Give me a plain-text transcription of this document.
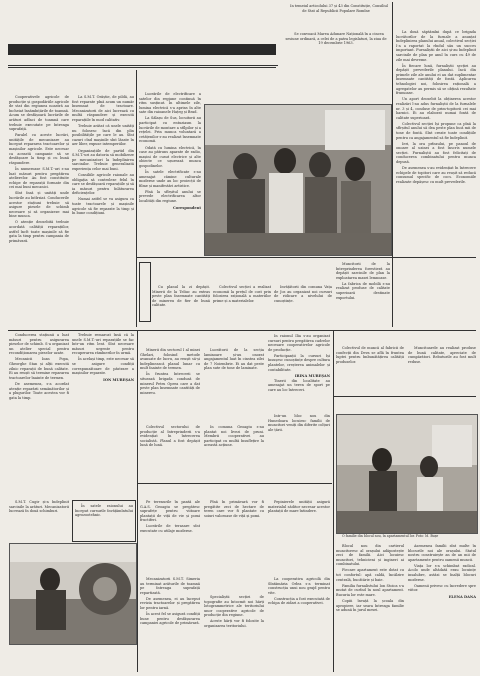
În temeiul articolului 37 și 43 din Constituție, Consiliul de Stat al Republicii Populare Romîne

Se convoacă Marea Adunare Națională în a cincea sesiune ordinară, a celei de a patra legislaturi, la ziua de 19 decembrie 1963.

La două săptămîni după ce brigada lucrătorilor de la furnale a anunțat îndeplinirea planului anual, colectivul secției I-a a raportat la rîndul său un succes important. Furnaliștii de aici și-au îndeplinit sarcinile de plan pe anul în curs cu 49 de zile mai devreme.

În fiecare lună, furnaliștii secției au depășit prevederile planului. Încă din primele zile ale anului ei au dat suplimentar însemnate cantități de fontă. Aplicarea tehnologiei noi, folosirea rațională a agregatelor au permis să se obțină rezultate frumoase.

Un aport deosebit la obținerea acestor realizări l-au adus furnaliștii de la furnalele nr. 3 și 4, conduse de prim-topitorii cei mai harnici. Ei au elaborat numai fontă de calitate superioară.

Colectivul secției își propune ca pînă la sfîrșitul anului să dea peste plan încă mii de tone de fontă. Sînt create toate condițiile pentru ca angajamentul să fie îndeplinit.

Ieri, la ora prînzului, pe panoul de onoare al uzinei a fost înscris numele secției. Furnaliștii au fost felicitați de conducerea combinatului pentru munca depusă.

De asemenea s-au evidențiat în întrecere echipele de topitori care au reușit să reducă consumul specific de cocs. Economiile realizate depășesc cu mult prevederile.

Cooperativele agricole de producție și gospodăriile agricole de stat din regiunea noastră au încheiat însămînțările de toamnă. Acum se desfășoară lucrările de arături adînci de toamnă care trebuie executate pe întreaga suprafață.

Paralel cu aceste lucrări, unitățile de mecanizare au început repararea tractoarelor și mașinilor agricole. Este necesar ca această campanie să se desfășoare la timp și cu bună răspundere.

În numeroase S.M.T.-uri s-au luat măsuri pentru pregătirea atelierelor. Au fost constituite echipe de reparații formate din cei mai buni mecanici.

Sînt însă și unități unde lucrările au întîrziat. Conducerile acestor stațiuni trebuie să asigure piesele de schimb necesare și să organizeze mai bine munca.

O atenție deosebită trebuie acordată calității reparațiilor, astfel încît toate mașinile să fie gata la timp pentru campania de primăvară.

La S.M.T. Orăștie, de pildă, au fost reparate pînă acum un număr însemnat de tractoare. Mecanizatorii de aici lucrează cu multă răspundere și execută reparațiile în mod calitativ.

Trebuie arătat că unele unități nu folosesc încă din plin posibilitățile pe care le au. Sînt cazuri cînd mașinile sînt lăsate în aer liber, expuse intemperiilor.

Organizațiile de partid din S.M.T.-uri au datoria să mobilizeze pe mecanizatori la îndeplinirea sarcinilor. Trebuie generalizată experiența celor mai buni.

Consiliile agricole raionale au obligația să controleze felul în care se desfășoară reparațiile și să ia măsuri pentru înlăturarea deficiențelor.

Numai astfel se va asigura ca toate tractoarele și mașinile agricole să fie reparate la timp și în bune condițiuni.

Lucrările de electrificare a satelor din regiune continuă în ritm susținut. În ultimele zile, lumina electrică s-a aprins în alte sate din raioanele Hațeg și Brad.

La Sălașu de Sus, locuitorii au participat cu entuziasm la lucrările de montare a stîlpilor și a rețelei. Prin munca voluntară a cetățenilor s-au realizat însemnate economii.

Odată cu lumina electrică, în case au pătruns aparate de radio, mașini de cusut electrice și alte obiecte ce ușurează munca gospodinelor.

În satele electrificate s-au amenajat cămine culturale moderne unde au loc proiecții de filme și manifestări artistice.

Pînă la sfîrșitul anului se prevede electrificarea altor localități din regiune.

Corespondent

Cu planul la zi depășit. Minerii de la Teliuc au extras peste plan însemnate cantități de minereu de fier de bună calitate.

Colectivul secției a realizat economii la prețul de cost prin folosirea rațională a materiilor prime și a materialelor.

Învățătorii din comuna Vața de Jos au organizat noi cursuri de ridicare a nivelului de cunoștințe.

Muncitorii de la întreprinderea forestieră au depășit sarcinile de plan la exploatarea masei lemnoase.

La fabrica de mobilă s-au realizat produse de calitate superioară destinate exportului.

Conducerea stațiunii a luat măsuri pentru asigurarea pieselor de schimb. S-a organizat un atelier special pentru recondiționarea pieselor uzate.

Mecanicii Ioan Popa, Gheorghe Stan și alții execută zilnic reparații de bună calitate. Ei au reușit să termine repararea tractoarelor înainte de termen.

De asemenea, s-a acordat atenție reparării semănătorilor și a plugurilor. Toate acestea vor fi gata la timp.

Trebuie remarcat însă că la unele S.M.T.-uri reparațiile se fac într-un ritm lent. Sînt necesare măsuri urgente pentru recuperarea rămînerilor în urmă.

În același timp, este necesar să se asigure condiții corespunzătoare de păstrare a mașinilor reparate.

ION MUREȘAN

În satele raionului au început cursurile învățămîntului agrozootehnic.

S.M.T. Cugir și-a îndeplinit sarcinile la arături. Mecanizatorii lucrează în două schimburi.

Minerii din sectorul I al minei Ghelari, folosind metode avansate de lucru, au reușit să-și îndeplinească planul lunar cu mult înainte de termen.

În fruntea întrecerii se situează brigada condusă de minerul Petru Oprea care a dat peste plan însemnate cantități de minereu.

Colectivul sectorului de producție al întreprinderii s-a evidențiat în întrecerea socialistă. Planul a fost depășit lună de lună.

Lucrătorii de la secția laminoare și-au onorat angajamentul luat în cinstea zilei de 7 Noiembrie. Ei au dat peste plan sute de tone de laminate.

În comuna Geoagiu s-au plantat noi livezi de pruni. Membrii cooperativei au participat cu multă însuflețire la această acțiune.

În raionul Ilia s-au organizat cursuri pentru pregătirea cadrelor necesare cooperativelor agricole de producție.

Participanții la cursuri își însușesc cunoștințe despre cultura plantelor, creșterea animalelor și contabilitate.

IRINA MUREȘAN

Tinerii din localitate au amenajat un teren de sport pe care au loc întreceri.

Pe terenurile în pantă ale G.A.S. Geoagiu se pregătesc suprafețe pentru viitoare plantații de viță de vie și pomi fructiferi.

Lucrările de terasare sînt executate cu utilaje moderne.

Pînă în primăvară vor fi pregătite zeci de hectare de teren care vor fi plantate cu soiuri valoroase de viță și pomi.

Pepinierele unității asigură materialul săditor necesar acestor plantații de mare întindere.

Specialiștii secției de topografie au întocmit noi hărți lotogrammetrice ale teritoriului unor cooperative agricole de producție din regiune.

Aceste hărți vor fi folosite la organizarea teritoriului.

Mecanizatorii S.M.T. Simeria au terminat arăturile de toamnă pe întreaga suprafață repartizată.

De asemenea, ei au început revizia tractoarelor și pregătirea lor pentru iarnă.

În acest fel se asigură condiții bune pentru desfășurarea campaniei agricole de primăvară.

La cooperativa agricolă din Sîntămăria Orlea s-a terminat construcția unui nou grajd pentru vite.

Construcția a fost executată de echipa de zidari a cooperativei.

Colectivul de muncă al fabricii de confecții din Deva se află în fruntea luptei pentru îmbunătățirea calității produselor.

Muncitoarele au realizat produse de bună calitate, apreciate de cumpărători. Rebuturile au fost mult reduse.

O familie din blocul nou, în apartamentul lor. Foto: M. Bușe

Blocul nou din cartierul muncitoresc al orașului adăpostește zeci de familii. Aici locuiesc muncitori, tehnicieni și ingineri ai combinatului.

Fiecare apartament este dotat cu tot confortul: apă caldă, încălzire centrală, bucătărie și baie.

Familia furnalistului Ion Stoica s-a mutat de curînd în noul apartament. Bucuria lor este mare.

Copiii învață la școala din apropiere, iar seara întreaga familie se adună în jurul mesei.

Asemenea familii sînt multe în blocurile noi ale orașului. Statul nostru construiește an de an mii de apartamente pentru oamenii muncii.

Viața lor s-a schimbat radical. Acolo unde altădată erau locuințe insalubre, astăzi se înalță blocuri moderne.

Oamenii privesc cu încredere spre viitor.

ELENA DANA

Într-un bloc nou din Hunedoara locuiesc familii de muncitori veniți din diferite colțuri ale țării.
